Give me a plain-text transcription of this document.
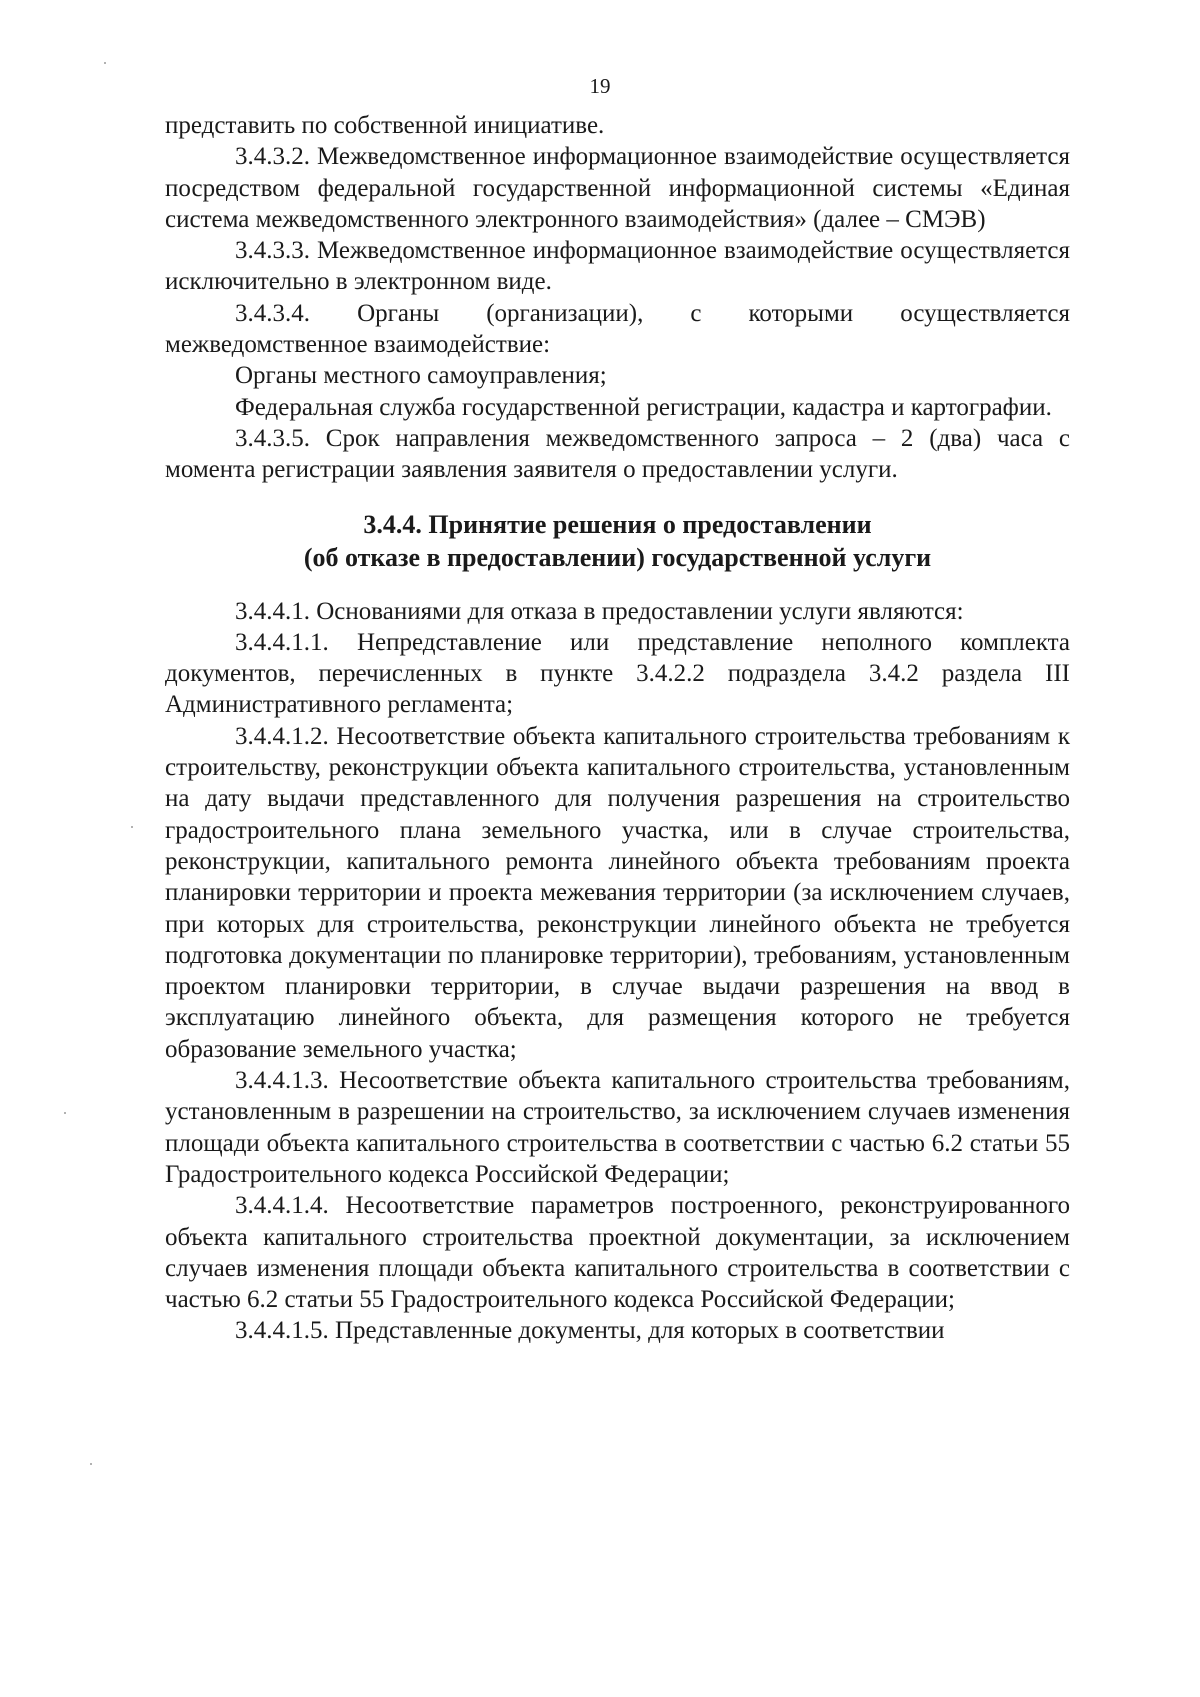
19

представить по собственной инициативе.

3.4.3.2. Межведомственное информационное взаимодействие осуществляется посредством федеральной государственной информационной системы «Единая система межведомственного электронного взаимодействия» (далее – СМЭВ)

3.4.3.3. Межведомственное информационное взаимодействие осуществляется исключительно в электронном виде.

3.4.3.4. Органы (организации), с которыми осуществляется межведомственное взаимодействие:

Органы местного самоуправления;

Федеральная служба государственной регистрации, кадастра и картографии.

3.4.3.5. Срок направления межведомственного запроса – 2 (два) часа с момента регистрации заявления заявителя о предоставлении услуги.

3.4.4. Принятие решения о предоставлении
(об отказе в предоставлении) государственной услуги

3.4.4.1. Основаниями для отказа в предоставлении услуги являются:

3.4.4.1.1. Непредставление или представление неполного комплекта документов, перечисленных в пункте 3.4.2.2 подраздела 3.4.2 раздела III Административного регламента;

3.4.4.1.2. Несоответствие объекта капитального строительства требованиям к строительству, реконструкции объекта капитального строительства, установленным на дату выдачи представленного для получения разрешения на строительство градостроительного плана земельного участка, или в случае строительства, реконструкции, капитального ремонта линейного объекта требованиям проекта планировки территории и проекта межевания территории (за исключением случаев, при которых для строительства, реконструкции линейного объекта не требуется подготовка документации по планировке территории), требованиям, установленным проектом планировки территории, в случае выдачи разрешения на ввод в эксплуатацию линейного объекта, для размещения которого не требуется образование земельного участка;

3.4.4.1.3. Несоответствие объекта капитального строительства требованиям, установленным в разрешении на строительство, за исключением случаев изменения площади объекта капитального строительства в соответствии с частью 6.2 статьи 55 Градостроительного кодекса Российской Федерации;

3.4.4.1.4. Несоответствие параметров построенного, реконструированного объекта капитального строительства проектной документации, за исключением случаев изменения площади объекта капитального строительства в соответствии с частью 6.2 статьи 55 Градостроительного кодекса Российской Федерации;

3.4.4.1.5. Представленные документы, для которых в соответствии
